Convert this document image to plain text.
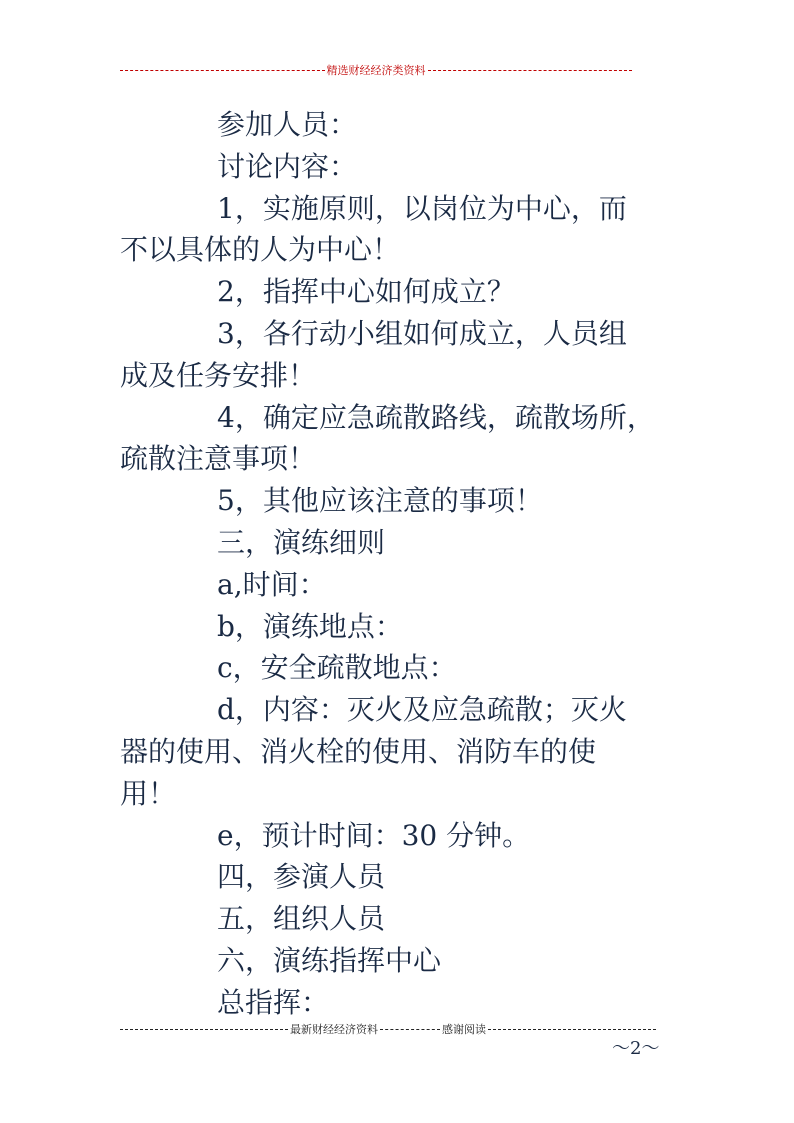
精选财经经济类资料
参加人员：
讨论内容：
1，实施原则，以岗位为中心，而
不以具体的人为中心！
2，指挥中心如何成立？
3，各行动小组如何成立，人员组
成及任务安排！
4，确定应急疏散路线，疏散场所，
疏散注意事项！
5，其他应该注意的事项！
三，演练细则
a,时间：
b，演练地点：
c，安全疏散地点：
d，内容：灭火及应急疏散；灭火
器的使用、消火栓的使用、消防车的使
用！
e，预计时间：30 分钟。
四，参演人员
五，组织人员
六，演练指挥中心
总指挥：
最新财经经济资料	感谢阅读
～2～
